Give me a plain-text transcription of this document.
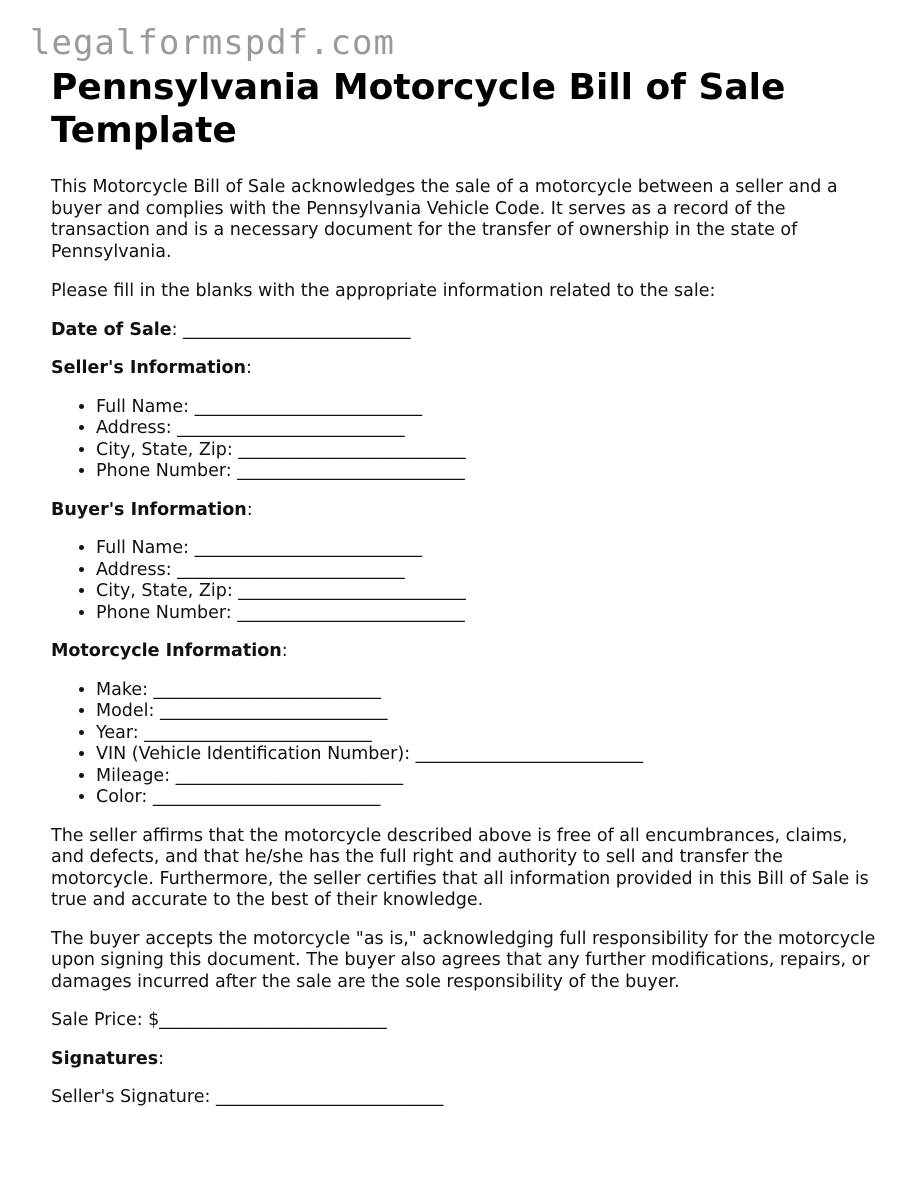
legalformspdf.com
Pennsylvania Motorcycle Bill of Sale Template

This Motorcycle Bill of Sale acknowledges the sale of a motorcycle between a seller and a buyer and complies with the Pennsylvania Vehicle Code. It serves as a record of the transaction and is a necessary document for the transfer of ownership in the state of Pennsylvania.

Please fill in the blanks with the appropriate information related to the sale:

Date of Sale: __________________________

Seller's Information:

• Full Name: __________________________
• Address: __________________________
• City, State, Zip: __________________________
• Phone Number: __________________________

Buyer's Information:

• Full Name: __________________________
• Address: __________________________
• City, State, Zip: __________________________
• Phone Number: __________________________

Motorcycle Information:

• Make: __________________________
• Model: __________________________
• Year: __________________________
• VIN (Vehicle Identification Number): __________________________
• Mileage: __________________________
• Color: __________________________

The seller affirms that the motorcycle described above is free of all encumbrances, claims, and defects, and that he/she has the full right and authority to sell and transfer the motorcycle. Furthermore, the seller certifies that all information provided in this Bill of Sale is true and accurate to the best of their knowledge.

The buyer accepts the motorcycle "as is," acknowledging full responsibility for the motorcycle upon signing this document. The buyer also agrees that any further modifications, repairs, or damages incurred after the sale are the sole responsibility of the buyer.

Sale Price: $__________________________

Signatures:

Seller's Signature: __________________________
